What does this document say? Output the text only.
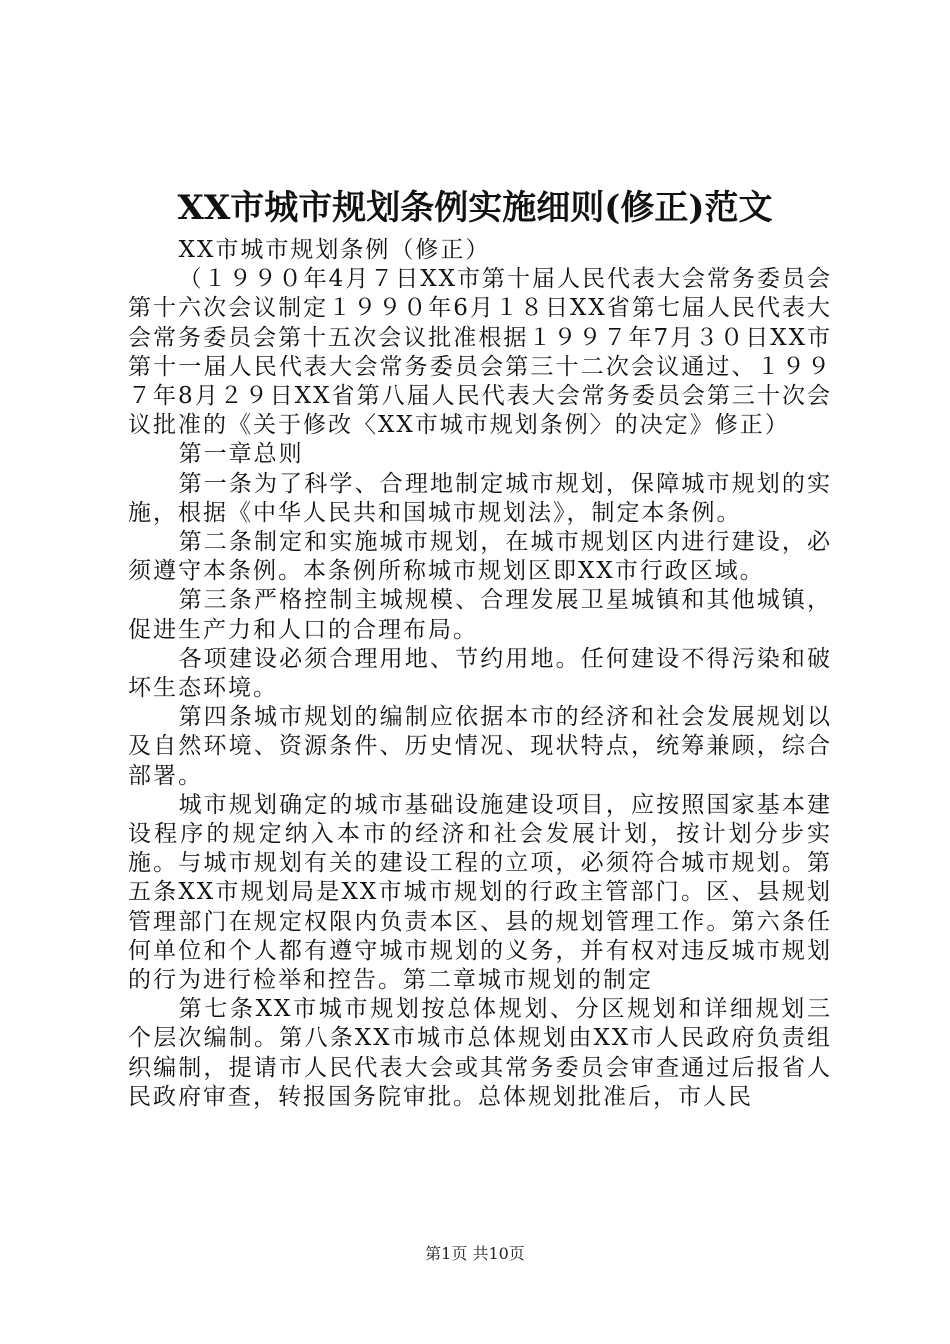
XX市城市规划条例实施细则(修正)范文

XX市城市规划条例（修正）

（１９９０年4月７日XX市第十届人民代表大会常务委员会第十六次会议制定１９９０年6月１８日XX省第七届人民代表大会常务委员会第十五次会议批准根据１９９７年7月３０日XX市第十一届人民代表大会常务委员会第三十二次会议通过、１９９７年8月２９日XX省第八届人民代表大会常务委员会第三十次会议批准的《关于修改〈XX市城市规划条例〉的决定》修正）

第一章总则

第一条为了科学、合理地制定城市规划，保障城市规划的实施，根据《中华人民共和国城市规划法》，制定本条例。

第二条制定和实施城市规划，在城市规划区内进行建设，必须遵守本条例。本条例所称城市规划区即XX市行政区域。

第三条严格控制主城规模、合理发展卫星城镇和其他城镇，促进生产力和人口的合理布局。

各项建设必须合理用地、节约用地。任何建设不得污染和破坏生态环境。

第四条城市规划的编制应依据本市的经济和社会发展规划以及自然环境、资源条件、历史情况、现状特点，统筹兼顾，综合部署。

城市规划确定的城市基础设施建设项目，应按照国家基本建设程序的规定纳入本市的经济和社会发展计划，按计划分步实施。与城市规划有关的建设工程的立项，必须符合城市规划。第五条XX市规划局是XX市城市规划的行政主管部门。区、县规划管理部门在规定权限内负责本区、县的规划管理工作。第六条任何单位和个人都有遵守城市规划的义务，并有权对违反城市规划的行为进行检举和控告。第二章城市规划的制定

第七条XX市城市规划按总体规划、分区规划和详细规划三个层次编制。第八条XX市城市总体规划由XX市人民政府负责组织编制，提请市人民代表大会或其常务委员会审查通过后报省人民政府审查，转报国务院审批。总体规划批准后，市人民

第1页 共10页
